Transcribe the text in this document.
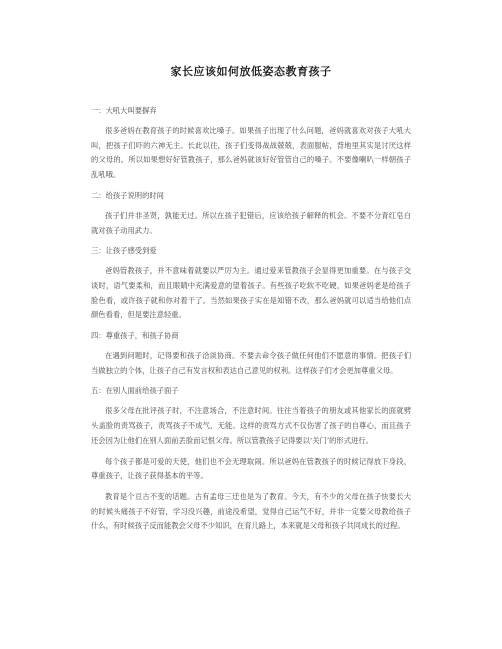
家长应该如何放低姿态教育孩子

一：大吼大叫要摒弃

很多爸妈在教育孩子的时候喜欢比嗓子。如果孩子出现了什么问题，爸妈就喜欢对孩子大吼大叫，把孩子们吓的六神无主。长此以往，孩子们变得战战兢兢，表面服帖，背地里其实是讨厌这样的父母的。所以如果想好好管教孩子，那么爸妈就该好好管管自己的嗓子。不要像喇叭一样朝孩子乱吼哦。

二：给孩子说明的时间

孩子们并非圣贤，孰能无过。所以在孩子犯错后，应该给孩子解释的机会。不要不分青红皂白就对孩子动用武力。

三：让孩子感受到爱

爸妈管教孩子，并不意味着就要以严厉为主。通过爱来管教孩子会显得更加重要。在与孩子交谈时，语气要柔和，而且眼睛中充满爱意的望着孩子。有些孩子吃软不吃硬，如果爸妈老是给孩子脸色看，或许孩子就和你对着干了。当然如果孩子实在是知错不改，那么爸妈就可以适当给他们点颜色看看，但是要注意轻重。

四：尊重孩子，和孩子协商

在遇到问题时，记得要和孩子洽谈协商。不要去命令孩子做任何他们不愿意的事情。把孩子们当做独立的个体，让孩子自己有发言权和表达自己意见的权利。这样孩子们才会更加尊重父母。

五：在别人面前给孩子面子

很多父母在批评孩子时，不注意场合，不注意时间。往往当着孩子的朋友或其他家长的面就劈头盖脸的责骂孩子，责骂孩子不成气，无能。这样的责骂方式不仅伤害了孩子的自尊心，而且孩子还会因为让他们在别人面前丢脸而记恨父母。所以管教孩子记得要以‘关门’的形式进行。

每个孩子都是可爱的天使，他们也不会无理取闹。所以爸妈在管教孩子的时候记得放下身段，尊重孩子，让孩子获得基本的平等。

教育是个亘古不变的话题。古有孟母三迁也是为了教育。今天，有不少的父母在孩子快要长大的时候头痛孩子不好管，学习没兴趣，前途没希望，觉得自己运气不好，并非一定要父母教给孩子什么，有时候孩子反而能教会父母不少知识，在育儿路上，本来就是父母和孩子共同成长的过程。
